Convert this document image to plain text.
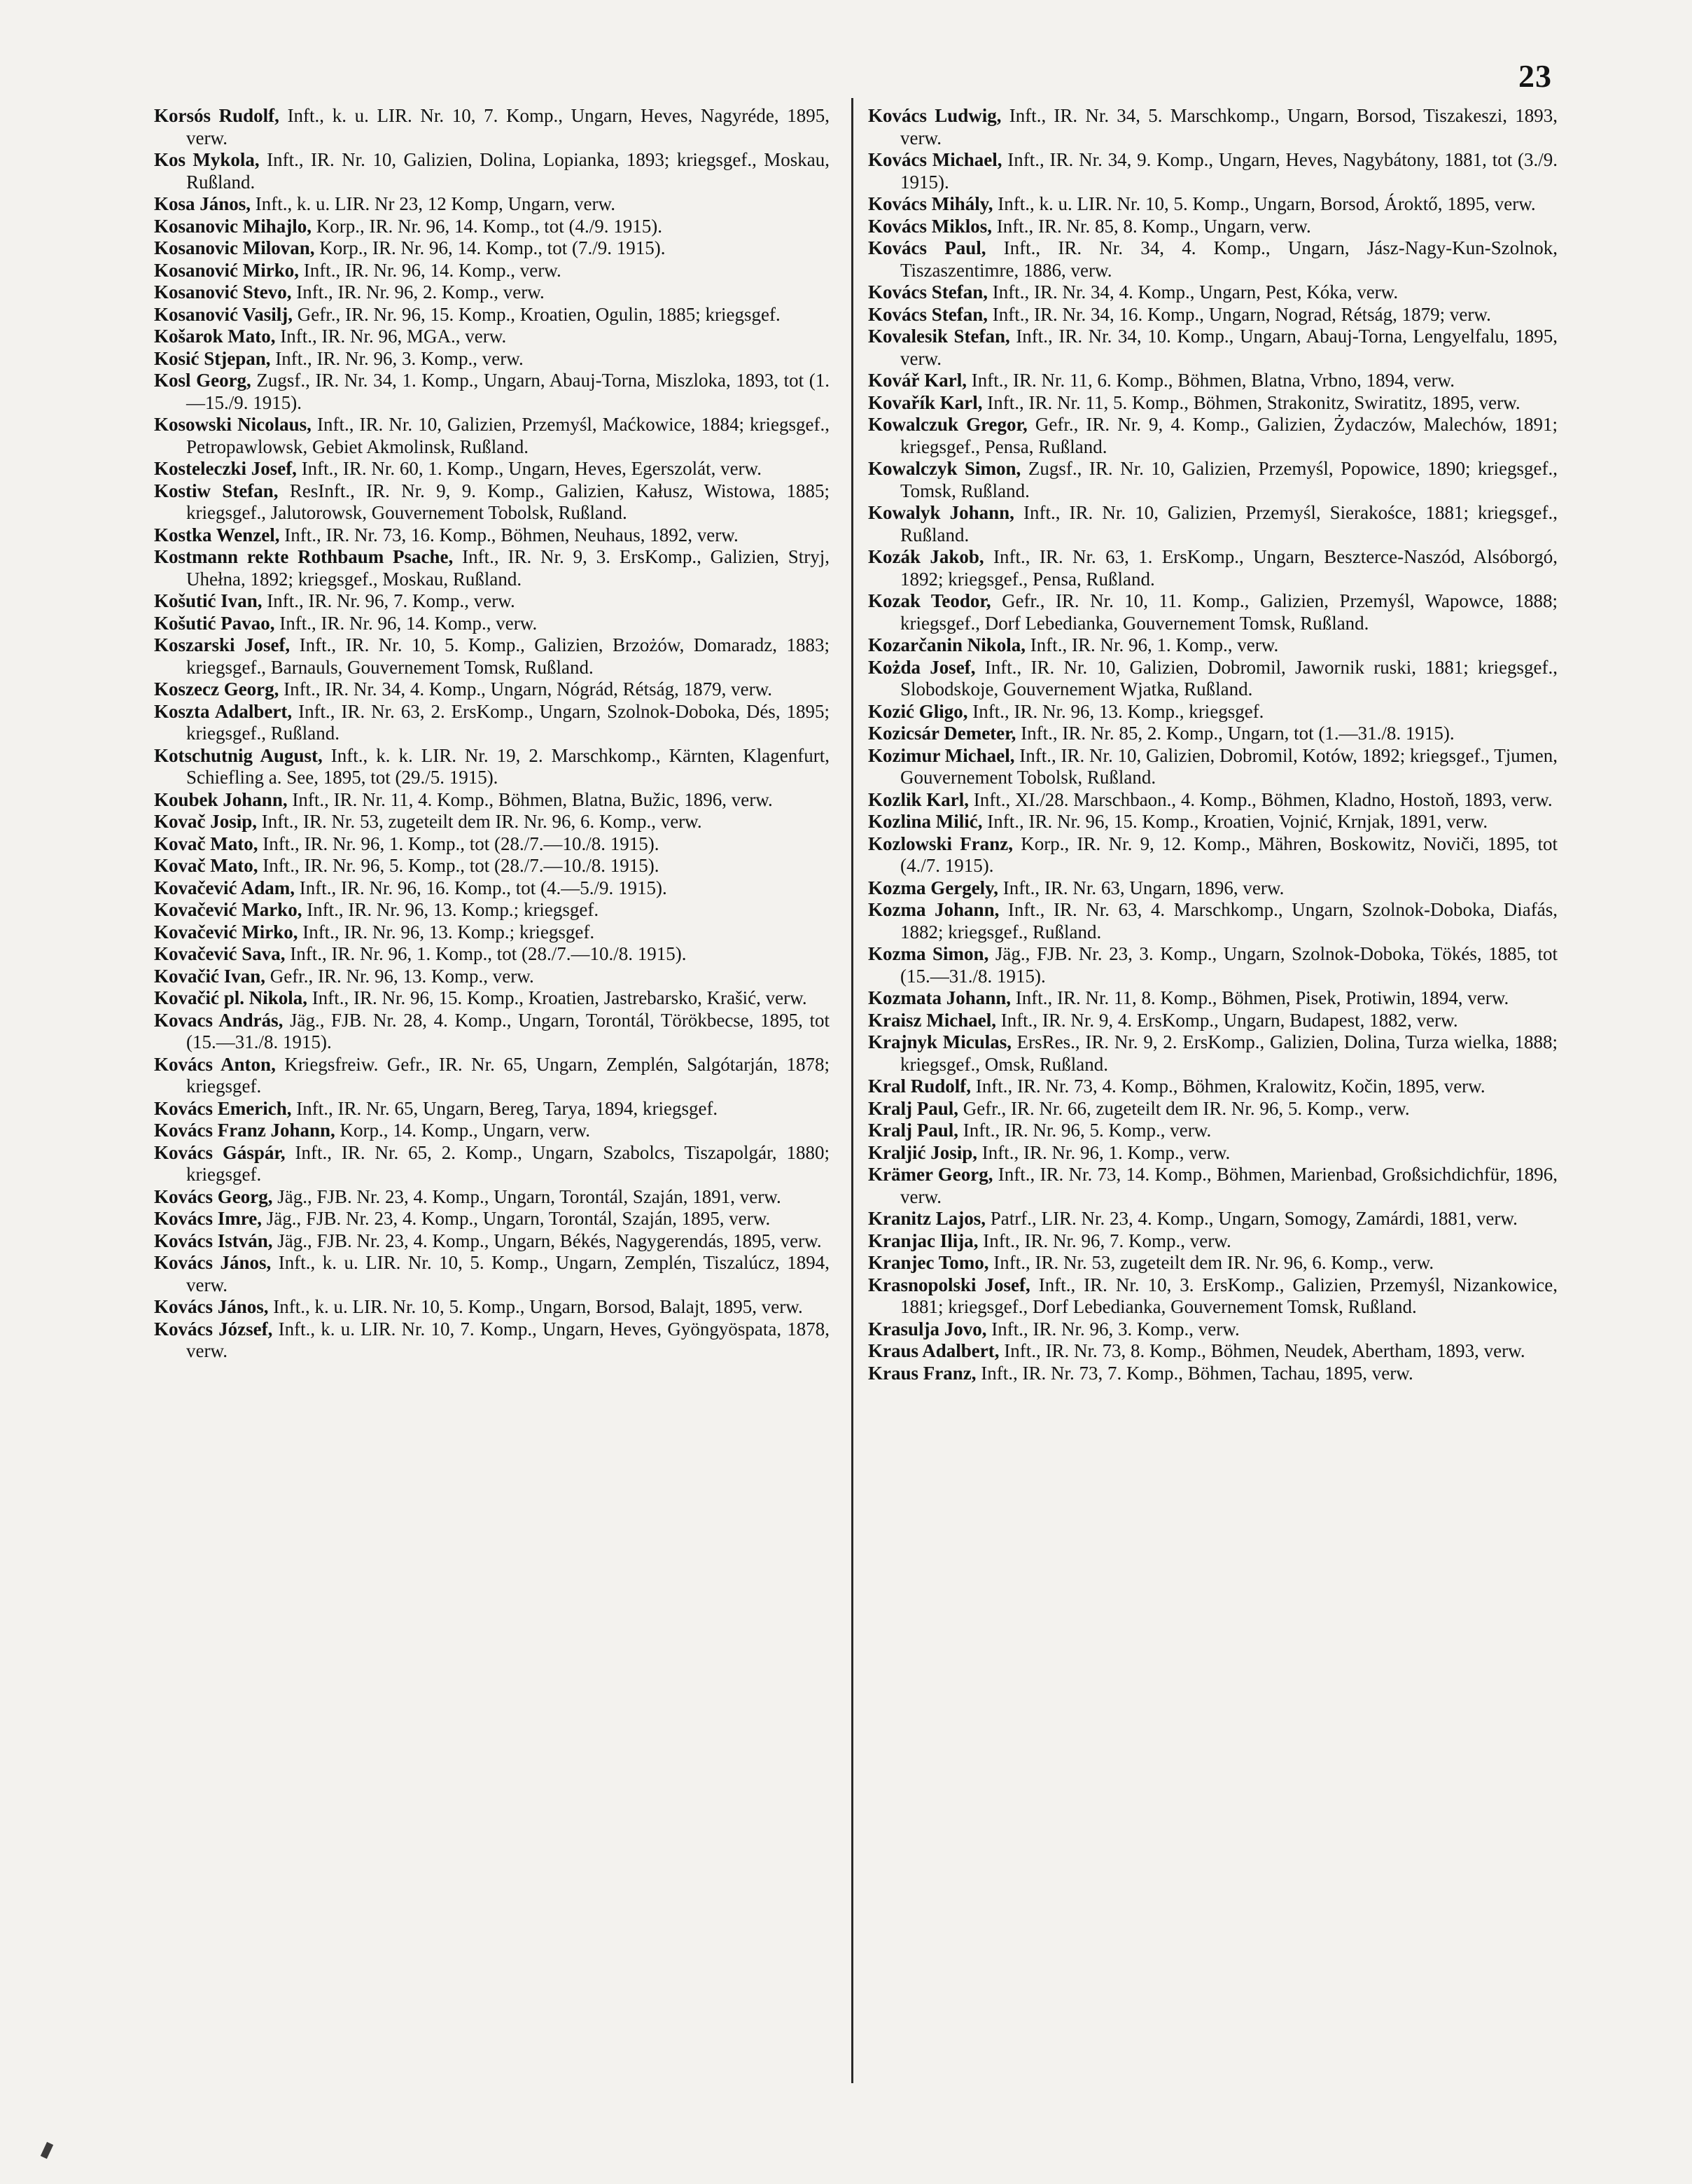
23

Korsós Rudolf, Inft., k. u. LIR. Nr. 10, 7. Komp., Ungarn, Heves, Nagyréde, 1895, verw.

Kos Mykola, Inft., IR. Nr. 10, Galizien, Dolina, Lopianka, 1893; kriegsgef., Moskau, Rußland.

Kosa János, Inft., k. u. LIR. Nr 23, 12 Komp, Ungarn, verw.

Kosanovic Mihajlo, Korp., IR. Nr. 96, 14. Komp., tot (4./9. 1915).

Kosanovic Milovan, Korp., IR. Nr. 96, 14. Komp., tot (7./9. 1915).

Kosanović Mirko, Inft., IR. Nr. 96, 14. Komp., verw.

Kosanović Stevo, Inft., IR. Nr. 96, 2. Komp., verw.

Kosanović Vasilj, Gefr., IR. Nr. 96, 15. Komp., Kroatien, Ogulin, 1885; kriegsgef.

Košarok Mato, Inft., IR. Nr. 96, MGA., verw.

Kosić Stjepan, Inft., IR. Nr. 96, 3. Komp., verw.

Kosl Georg, Zugsf., IR. Nr. 34, 1. Komp., Ungarn, Abauj-Torna, Miszloka, 1893, tot (1.—15./9. 1915).

Kosowski Nicolaus, Inft., IR. Nr. 10, Galizien, Przemyśl, Maćkowice, 1884; kriegsgef., Petropawlowsk, Gebiet Akmolinsk, Rußland.

Kosteleczki Josef, Inft., IR. Nr. 60, 1. Komp., Ungarn, Heves, Egerszolát, verw.

Kostiw Stefan, ResInft., IR. Nr. 9, 9. Komp., Galizien, Kałusz, Wistowa, 1885; kriegsgef., Jalutorowsk, Gouvernement Tobolsk, Rußland.

Kostka Wenzel, Inft., IR. Nr. 73, 16. Komp., Böhmen, Neuhaus, 1892, verw.

Kostmann rekte Rothbaum Psache, Inft., IR. Nr. 9, 3. ErsKomp., Galizien, Stryj, Uhełna, 1892; kriegsgef., Moskau, Rußland.

Košutić Ivan, Inft., IR. Nr. 96, 7. Komp., verw.

Košutić Pavao, Inft., IR. Nr. 96, 14. Komp., verw.

Koszarski Josef, Inft., IR. Nr. 10, 5. Komp., Galizien, Brzożów, Domaradz, 1883; kriegsgef., Barnauls, Gouvernement Tomsk, Rußland.

Koszecz Georg, Inft., IR. Nr. 34, 4. Komp., Ungarn, Nógrád, Rétság, 1879, verw.

Koszta Adalbert, Inft., IR. Nr. 63, 2. ErsKomp., Ungarn, Szolnok-Doboka, Dés, 1895; kriegsgef., Rußland.

Kotschutnig August, Inft., k. k. LIR. Nr. 19, 2. Marschkomp., Kärnten, Klagenfurt, Schiefling a. See, 1895, tot (29./5. 1915).

Koubek Johann, Inft., IR. Nr. 11, 4. Komp., Böhmen, Blatna, Bužic, 1896, verw.

Kovač Josip, Inft., IR. Nr. 53, zugeteilt dem IR. Nr. 96, 6. Komp., verw.

Kovač Mato, Inft., IR. Nr. 96, 1. Komp., tot (28./7.—10./8. 1915).

Kovač Mato, Inft., IR. Nr. 96, 5. Komp., tot (28./7.—10./8. 1915).

Kovačević Adam, Inft., IR. Nr. 96, 16. Komp., tot (4.—5./9. 1915).

Kovačević Marko, Inft., IR. Nr. 96, 13. Komp.; kriegsgef.

Kovačević Mirko, Inft., IR. Nr. 96, 13. Komp.; kriegsgef.

Kovačević Sava, Inft., IR. Nr. 96, 1. Komp., tot (28./7.—10./8. 1915).

Kovačić Ivan, Gefr., IR. Nr. 96, 13. Komp., verw.

Kovačić pl. Nikola, Inft., IR. Nr. 96, 15. Komp., Kroatien, Jastrebarsko, Krašić, verw.

Kovacs András, Jäg., FJB. Nr. 28, 4. Komp., Ungarn, Torontál, Törökbecse, 1895, tot (15.—31./8. 1915).

Kovács Anton, Kriegsfreiw. Gefr., IR. Nr. 65, Ungarn, Zemplén, Salgótarján, 1878; kriegsgef.

Kovács Emerich, Inft., IR. Nr. 65, Ungarn, Bereg, Tarya, 1894, kriegsgef.

Kovács Franz Johann, Korp., 14. Komp., Ungarn, verw.

Kovács Gáspár, Inft., IR. Nr. 65, 2. Komp., Ungarn, Szabolcs, Tiszapolgár, 1880; kriegsgef.

Kovács Georg, Jäg., FJB. Nr. 23, 4. Komp., Ungarn, Torontál, Szaján, 1891, verw.

Kovács Imre, Jäg., FJB. Nr. 23, 4. Komp., Ungarn, Torontál, Szaján, 1895, verw.

Kovács István, Jäg., FJB. Nr. 23, 4. Komp., Ungarn, Békés, Nagygerendás, 1895, verw.

Kovács János, Inft., k. u. LIR. Nr. 10, 5. Komp., Ungarn, Zemplén, Tiszalúcz, 1894, verw.

Kovács János, Inft., k. u. LIR. Nr. 10, 5. Komp., Ungarn, Borsod, Balajt, 1895, verw.

Kovács József, Inft., k. u. LIR. Nr. 10, 7. Komp., Ungarn, Heves, Gyöngyöspata, 1878, verw.

Kovács Ludwig, Inft., IR. Nr. 34, 5. Marschkomp., Ungarn, Borsod, Tiszakeszi, 1893, verw.

Kovács Michael, Inft., IR. Nr. 34, 9. Komp., Ungarn, Heves, Nagybátony, 1881, tot (3./9. 1915).

Kovács Mihály, Inft., k. u. LIR. Nr. 10, 5. Komp., Ungarn, Borsod, Ároktő, 1895, verw.

Kovács Miklos, Inft., IR. Nr. 85, 8. Komp., Ungarn, verw.

Kovács Paul, Inft., IR. Nr. 34, 4. Komp., Ungarn, Jász-Nagy-Kun-Szolnok, Tiszaszentimre, 1886, verw.

Kovács Stefan, Inft., IR. Nr. 34, 4. Komp., Ungarn, Pest, Kóka, verw.

Kovács Stefan, Inft., IR. Nr. 34, 16. Komp., Ungarn, Nograd, Rétság, 1879; verw.

Kovalesik Stefan, Inft., IR. Nr. 34, 10. Komp., Ungarn, Abauj-Torna, Lengyelfalu, 1895, verw.

Kovář Karl, Inft., IR. Nr. 11, 6. Komp., Böhmen, Blatna, Vrbno, 1894, verw.

Kovařík Karl, Inft., IR. Nr. 11, 5. Komp., Böhmen, Strakonitz, Swiratitz, 1895, verw.

Kowalczuk Gregor, Gefr., IR. Nr. 9, 4. Komp., Galizien, Żydaczów, Malechów, 1891; kriegsgef., Pensa, Rußland.

Kowalczyk Simon, Zugsf., IR. Nr. 10, Galizien, Przemyśl, Popowice, 1890; kriegsgef., Tomsk, Rußland.

Kowalyk Johann, Inft., IR. Nr. 10, Galizien, Przemyśl, Sierakośce, 1881; kriegsgef., Rußland.

Kozák Jakob, Inft., IR. Nr. 63, 1. ErsKomp., Ungarn, Beszterce-Naszód, Alsóborgó, 1892; kriegsgef., Pensa, Rußland.

Kozak Teodor, Gefr., IR. Nr. 10, 11. Komp., Galizien, Przemyśl, Wapowce, 1888; kriegsgef., Dorf Lebedianka, Gouvernement Tomsk, Rußland.

Kozarčanin Nikola, Inft., IR. Nr. 96, 1. Komp., verw.

Kożda Josef, Inft., IR. Nr. 10, Galizien, Dobromil, Jawornik ruski, 1881; kriegsgef., Slobodskoje, Gouvernement Wjatka, Rußland.

Kozić Gligo, Inft., IR. Nr. 96, 13. Komp., kriegsgef.

Kozicsár Demeter, Inft., IR. Nr. 85, 2. Komp., Ungarn, tot (1.—31./8. 1915).

Kozimur Michael, Inft., IR. Nr. 10, Galizien, Dobromil, Kotów, 1892; kriegsgef., Tjumen, Gouvernement Tobolsk, Rußland.

Kozlik Karl, Inft., XI./28. Marschbaon., 4. Komp., Böhmen, Kladno, Hostoň, 1893, verw.

Kozlina Milić, Inft., IR. Nr. 96, 15. Komp., Kroatien, Vojnić, Krnjak, 1891, verw.

Kozlowski Franz, Korp., IR. Nr. 9, 12. Komp., Mähren, Boskowitz, Noviči, 1895, tot (4./7. 1915).

Kozma Gergely, Inft., IR. Nr. 63, Ungarn, 1896, verw.

Kozma Johann, Inft., IR. Nr. 63, 4. Marschkomp., Ungarn, Szolnok-Doboka, Diafás, 1882; kriegsgef., Rußland.

Kozma Simon, Jäg., FJB. Nr. 23, 3. Komp., Ungarn, Szolnok-Doboka, Tökés, 1885, tot (15.—31./8. 1915).

Kozmata Johann, Inft., IR. Nr. 11, 8. Komp., Böhmen, Pisek, Protiwin, 1894, verw.

Kraisz Michael, Inft., IR. Nr. 9, 4. ErsKomp., Ungarn, Budapest, 1882, verw.

Krajnyk Miculas, ErsRes., IR. Nr. 9, 2. ErsKomp., Galizien, Dolina, Turza wielka, 1888; kriegsgef., Omsk, Rußland.

Kral Rudolf, Inft., IR. Nr. 73, 4. Komp., Böhmen, Kralowitz, Kočin, 1895, verw.

Kralj Paul, Gefr., IR. Nr. 66, zugeteilt dem IR. Nr. 96, 5. Komp., verw.

Kralj Paul, Inft., IR. Nr. 96, 5. Komp., verw.

Kraljić Josip, Inft., IR. Nr. 96, 1. Komp., verw.

Krämer Georg, Inft., IR. Nr. 73, 14. Komp., Böhmen, Marienbad, Großsichdichfür, 1896, verw.

Kranitz Lajos, Patrf., LIR. Nr. 23, 4. Komp., Ungarn, Somogy, Zamárdi, 1881, verw.

Kranjac Ilija, Inft., IR. Nr. 96, 7. Komp., verw.

Kranjec Tomo, Inft., IR. Nr. 53, zugeteilt dem IR. Nr. 96, 6. Komp., verw.

Krasnopolski Josef, Inft., IR. Nr. 10, 3. ErsKomp., Galizien, Przemyśl, Nizankowice, 1881; kriegsgef., Dorf Lebedianka, Gouvernement Tomsk, Rußland.

Krasulja Jovo, Inft., IR. Nr. 96, 3. Komp., verw.

Kraus Adalbert, Inft., IR. Nr. 73, 8. Komp., Böhmen, Neudek, Abertham, 1893, verw.

Kraus Franz, Inft., IR. Nr. 73, 7. Komp., Böhmen, Tachau, 1895, verw.
